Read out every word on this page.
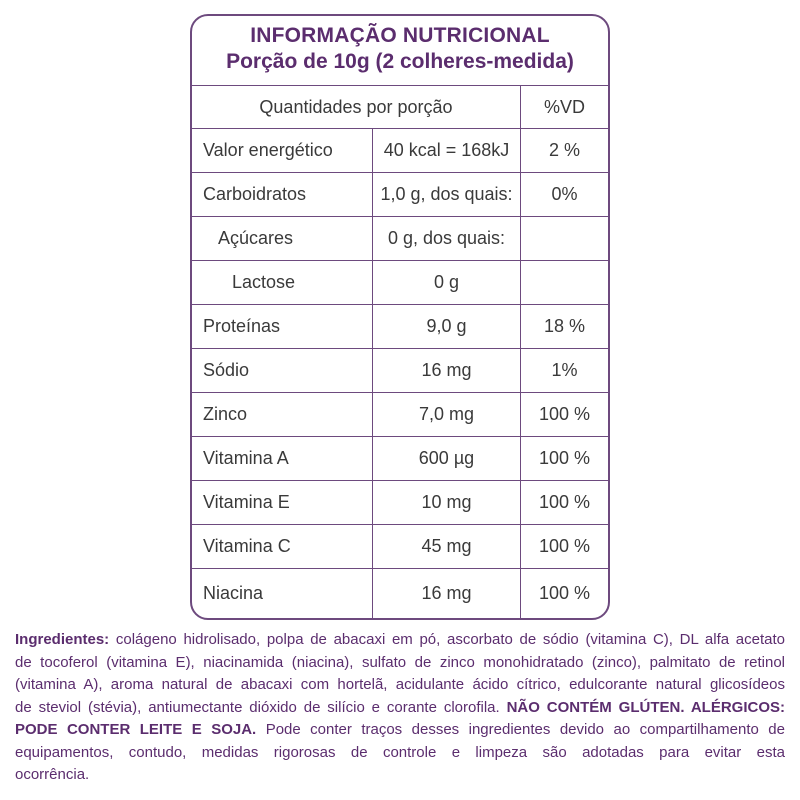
INFORMAÇÃO NUTRICIONAL
Porção de 10g (2 colheres-medida)
Quantidades por porção	%VD
Valor energético	40 kcal = 168kJ	2 %
Carboidratos	1,0 g, dos quais:	0%
Açúcares	0 g, dos quais:
Lactose	0 g
Proteínas	9,0 g	18 %
Sódio	16 mg	1%
Zinco	7,0 mg	100 %
Vitamina A	600 µg	100 %
Vitamina E	10 mg	100 %
Vitamina C	45 mg	100 %
Niacina	16 mg	100 %
Ingredientes: colágeno hidrolisado, polpa de abacaxi em pó, ascorbato de sódio (vitamina C), DL alfa acetato
de tocoferol (vitamina E), niacinamida (niacina), sulfato de zinco monohidratado (zinco), palmitato de retinol
(vitamina A), aroma natural de abacaxi com hortelã, acidulante ácido cítrico, edulcorante natural glicosídeos
de steviol (stévia), antiumectante dióxido de silício e corante clorofila. NÃO CONTÉM GLÚTEN. ALÉRGICOS:
PODE CONTER LEITE E SOJA. Pode conter traços desses ingredientes devido ao compartilhamento de
equipamentos, contudo, medidas rigorosas de controle e limpeza são adotadas para evitar esta
ocorrência.
